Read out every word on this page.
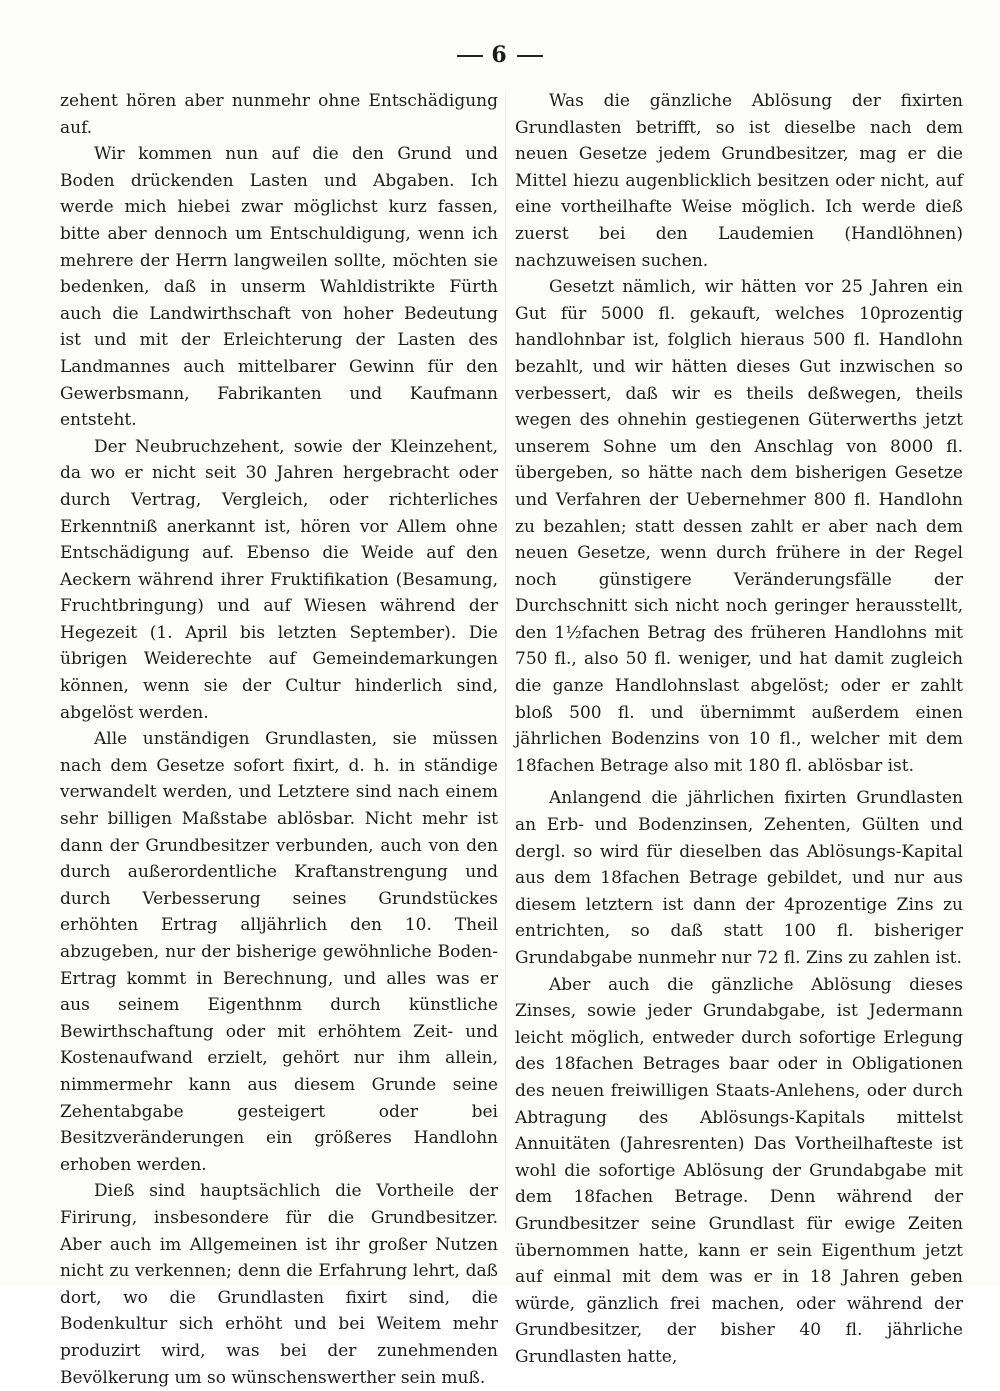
6

zehent hören aber nunmehr ohne Entschädigung auf.

Wir kommen nun auf die den Grund und Boden drückenden Lasten und Abgaben. Ich werde mich hiebei zwar möglichst kurz fassen, bitte aber dennoch um Entschuldigung, wenn ich mehrere der Herrn langweilen sollte, möchten sie bedenken, daß in unserm Wahldistrikte Fürth auch die Landwirthschaft von hoher Bedeutung ist und mit der Erleichterung der Lasten des Landmannes auch mittelbarer Gewinn für den Gewerbsmann, Fabrikanten und Kaufmann entsteht.

Der Neubruchzehent, sowie der Kleinzehent, da wo er nicht seit 30 Jahren hergebracht oder durch Vertrag, Vergleich, oder richterliches Erkenntniß anerkannt ist, hören vor Allem ohne Entschädigung auf. Ebenso die Weide auf den Aeckern während ihrer Fruktifikation (Besamung, Fruchtbringung) und auf Wiesen während der Hegezeit (1. April bis letzten September). Die übrigen Weiderechte auf Gemeindemarkungen können, wenn sie der Cultur hinderlich sind, abgelöst werden.

Alle unständigen Grundlasten, sie müssen nach dem Gesetze sofort fixirt, d. h. in ständige verwandelt werden, und Letztere sind nach einem sehr billigen Maßstabe ablösbar. Nicht mehr ist dann der Grundbesitzer verbunden, auch von den durch außerordentliche Kraftanstrengung und durch Verbesserung seines Grundstückes erhöhten Ertrag alljährlich den 10. Theil abzugeben, nur der bisherige gewöhnliche Boden-Ertrag kommt in Berechnung, und alles was er aus seinem Eigenthnm durch künstliche Bewirthschaftung oder mit erhöhtem Zeit- und Kostenaufwand erzielt, gehört nur ihm allein, nimmermehr kann aus diesem Grunde seine Zehentabgabe gesteigert oder bei Besitzveränderungen ein größeres Handlohn erhoben werden.

Dieß sind hauptsächlich die Vortheile der Firirung, insbesondere für die Grundbesitzer. Aber auch im Allgemeinen ist ihr großer Nutzen nicht zu verkennen; denn die Erfahrung lehrt, daß dort, wo die Grundlasten fixirt sind, die Bodenkultur sich erhöht und bei Weitem mehr produzirt wird, was bei der zunehmenden Bevölkerung um so wünschenswerther sein muß.

Was die gänzliche Ablösung der fixirten Grundlasten betrifft, so ist dieselbe nach dem neuen Gesetze jedem Grundbesitzer, mag er die Mittel hiezu augenblicklich besitzen oder nicht, auf eine vortheilhafte Weise möglich. Ich werde dieß zuerst bei den Laudemien (Handlöhnen) nachzuweisen suchen.

Gesetzt nämlich, wir hätten vor 25 Jahren ein Gut für 5000 fl. gekauft, welches 10prozentig handlohnbar ist, folglich hieraus 500 fl. Handlohn bezahlt, und wir hätten dieses Gut inzwischen so verbessert, daß wir es theils deßwegen, theils wegen des ohnehin gestiegenen Güterwerths jetzt unserem Sohne um den Anschlag von 8000 fl. übergeben, so hätte nach dem bisherigen Gesetze und Verfahren der Uebernehmer 800 fl. Handlohn zu bezahlen; statt dessen zahlt er aber nach dem neuen Gesetze, wenn durch frühere in der Regel noch günstigere Veränderungsfälle der Durchschnitt sich nicht noch geringer herausstellt, den 1½fachen Betrag des früheren Handlohns mit 750 fl., also 50 fl. weniger, und hat damit zugleich die ganze Handlohnslast abgelöst; oder er zahlt bloß 500 fl. und übernimmt außerdem einen jährlichen Bodenzins von 10 fl., welcher mit dem 18fachen Betrage also mit 180 fl. ablösbar ist.

Anlangend die jährlichen fixirten Grundlasten an Erb- und Bodenzinsen, Zehenten, Gülten und dergl. so wird für dieselben das Ablösungs-Kapital aus dem 18fachen Betrage gebildet, und nur aus diesem letztern ist dann der 4prozentige Zins zu entrichten, so daß statt 100 fl. bisheriger Grundabgabe nunmehr nur 72 fl. Zins zu zahlen ist.

Aber auch die gänzliche Ablösung dieses Zinses, sowie jeder Grundabgabe, ist Jedermann leicht möglich, entweder durch sofortige Erlegung des 18fachen Betrages baar oder in Obligationen des neuen freiwilligen Staats-Anlehens, oder durch Abtragung des Ablösungs-Kapitals mittelst Annuitäten (Jahresrenten) Das Vortheilhafteste ist wohl die sofortige Ablösung der Grundabgabe mit dem 18fachen Betrage. Denn während der Grundbesitzer seine Grundlast für ewige Zeiten übernommen hatte, kann er sein Eigenthum jetzt auf einmal mit dem was er in 18 Jahren geben würde, gänzlich frei machen, oder während der Grundbesitzer, der bisher 40 fl. jährliche Grundlasten hatte,
